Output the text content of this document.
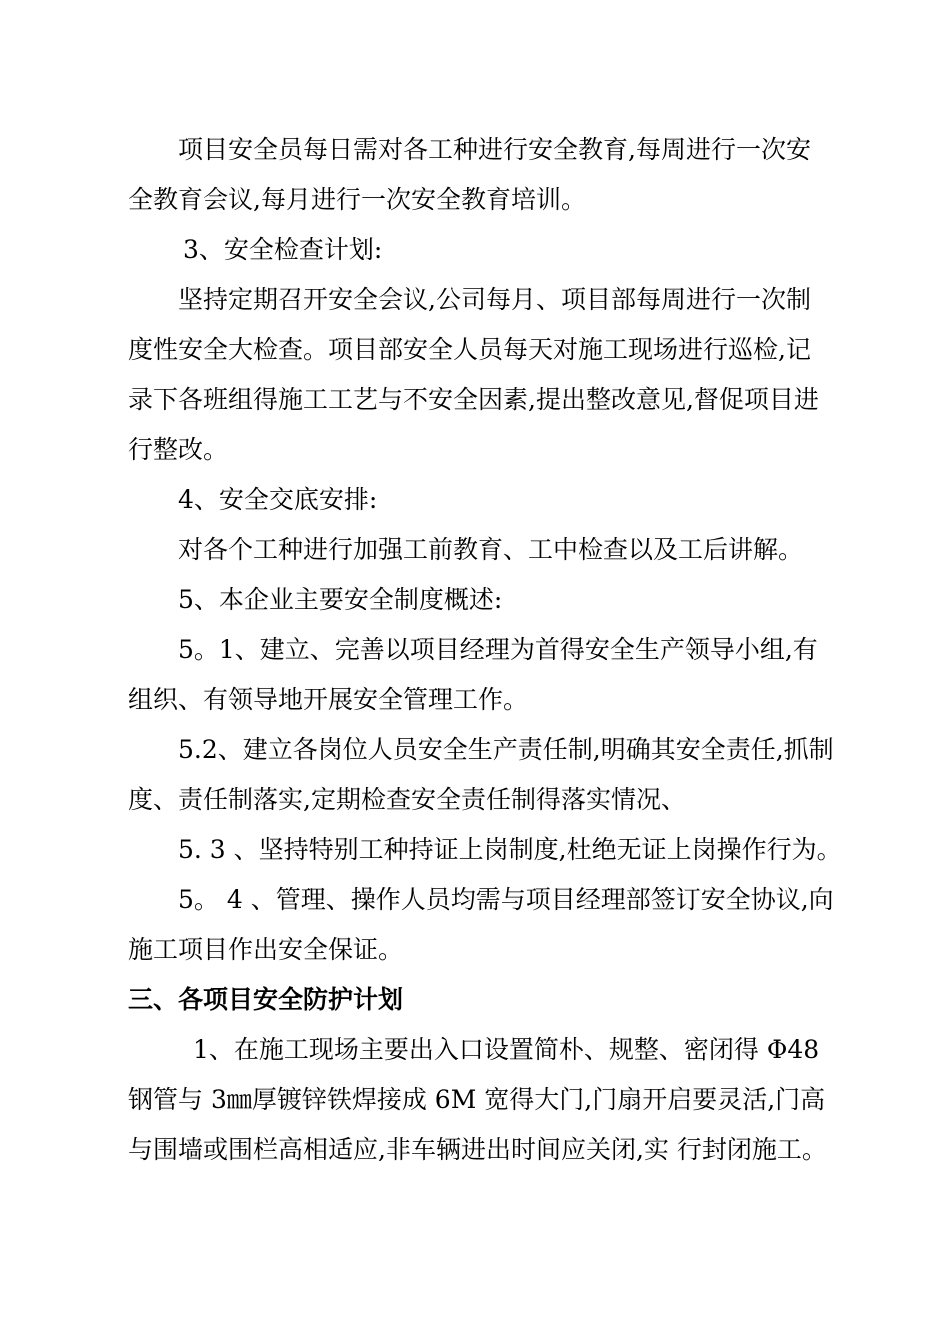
项目安全员每日需对各工种进行安全教育,每周进行一次安
全教育会议,每月进行一次安全教育培训。
3、安全检查计划:
坚持定期召开安全会议,公司每月、项目部每周进行一次制
度性安全大检查。项目部安全人员每天对施工现场进行巡检,记
录下各班组得施工工艺与不安全因素,提出整改意见,督促项目进
行整改。
4、安全交底安排:
对各个工种进行加强工前教育、工中检查以及工后讲解。
5、本企业主要安全制度概述:
5。1、建立、完善以项目经理为首得安全生产领导小组,有
组织、有领导地开展安全管理工作。
5.2、建立各岗位人员安全生产责任制,明确其安全责任,抓制
度、责任制落实,定期检查安全责任制得落实情况、
5. 3 、坚持特别工种持证上岗制度,杜绝无证上岗操作行为。
5。 4 、管理、操作人员均需与项目经理部签订安全协议,向
施工项目作出安全保证。
三、各项目安全防护计划
1、在施工现场主要出入口设置简朴、规整、密闭得 Φ48
钢管与 3㎜厚镀锌铁焊接成 6M 宽得大门,门扇开启要灵活,门高
与围墙或围栏高相适应,非车辆进出时间应关闭,实 行封闭施工。
